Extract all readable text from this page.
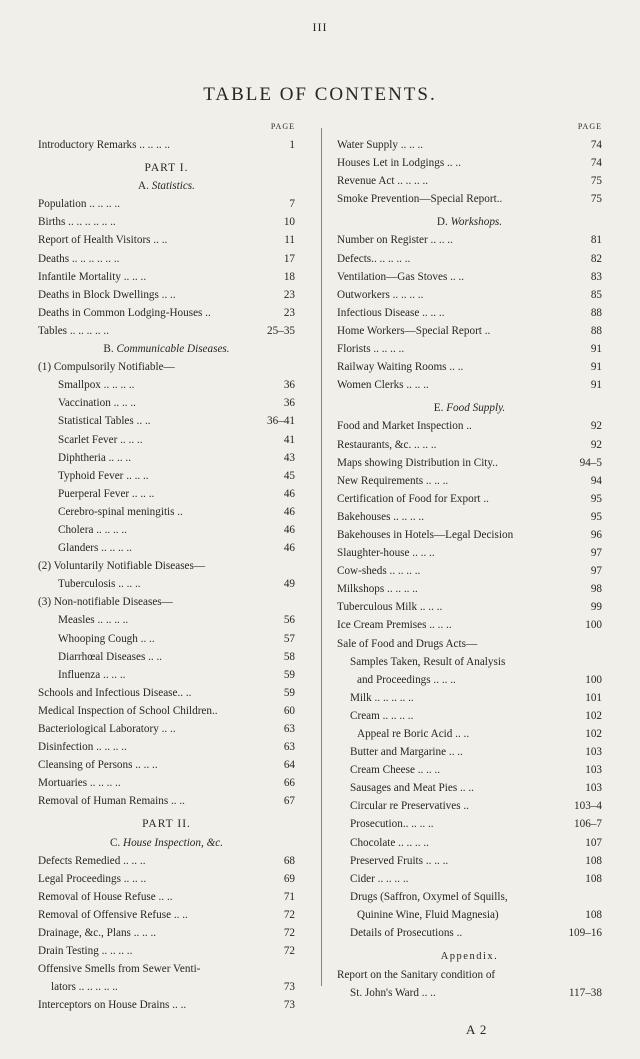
III
TABLE OF CONTENTS.
PAGE
Introductory Remarks .. .. .. ..	1
PART I.
A. Statistics.
Population .. .. .. ..	7
Births .. .. .. .. .. ..	10
Report of Health Visitors .. ..	11
Deaths .. .. .. .. .. ..	17
Infantile Mortality .. .. ..	18
Deaths in Block Dwellings .. ..	23
Deaths in Common Lodging-Houses ..	23
Tables .. .. .. .. ..	25–35
B. Communicable Diseases.
(1) Compulsorily Notifiable—
Smallpox .. .. .. ..	36
Vaccination .. .. ..	36
Statistical Tables .. ..	36–41
Scarlet Fever .. .. ..	41
Diphtheria .. .. ..	43
Typhoid Fever .. .. ..	45
Puerperal Fever .. .. ..	46
Cerebro-spinal meningitis ..	46
Cholera .. .. .. ..	46
Glanders .. .. .. ..	46
(2) Voluntarily Notifiable Diseases—
Tuberculosis .. .. ..	49
(3) Non-notifiable Diseases—
Measles .. .. .. ..	56
Whooping Cough .. ..	57
Diarrhœal Diseases .. ..	58
Influenza .. .. ..	59
Schools and Infectious Disease.. ..	59
Medical Inspection of School Children..	60
Bacteriological Laboratory .. ..	63
Disinfection .. .. .. ..	63
Cleansing of Persons .. .. ..	64
Mortuaries .. .. .. ..	66
Removal of Human Remains .. ..	67
PART II.
C. House Inspection, &c.
Defects Remedied .. .. ..	68
Legal Proceedings .. .. ..	69
Removal of House Refuse .. ..	71
Removal of Offensive Refuse .. ..	72
Drainage, &c., Plans .. .. ..	72
Drain Testing .. .. .. ..	72
Offensive Smells from Sewer Venti-
lators .. .. .. .. ..	73
Interceptors on House Drains .. ..	73
PAGE
Water Supply .. .. ..	74
Houses Let in Lodgings .. ..	74
Revenue Act .. .. .. ..	75
Smoke Prevention—Special Report..	75
D. Workshops.
Number on Register .. .. ..	81
Defects.. .. .. .. ..	82
Ventilation—Gas Stoves .. ..	83
Outworkers .. .. .. ..	85
Infectious Disease .. .. ..	88
Home Workers—Special Report ..	88
Florists .. .. .. ..	91
Railway Waiting Rooms .. ..	91
Women Clerks .. .. ..	91
E. Food Supply.
Food and Market Inspection ..	92
Restaurants, &c. .. .. ..	92
Maps showing Distribution in City..	94–5
New Requirements .. .. ..	94
Certification of Food for Export ..	95
Bakehouses .. .. .. ..	95
Bakehouses in Hotels—Legal Decision	96
Slaughter-house .. .. ..	97
Cow-sheds .. .. .. ..	97
Milkshops .. .. .. ..	98
Tuberculous Milk .. .. ..	99
Ice Cream Premises .. .. ..	100
Sale of Food and Drugs Acts—
Samples Taken, Result of Analysis
and Proceedings .. .. ..	100
Milk .. .. .. .. ..	101
Cream .. .. .. ..	102
Appeal re Boric Acid .. ..	102
Butter and Margarine .. ..	103
Cream Cheese .. .. ..	103
Sausages and Meat Pies .. ..	103
Circular re Preservatives ..	103–4
Prosecution.. .. .. ..	106–7
Chocolate .. .. .. ..	107
Preserved Fruits .. .. ..	108
Cider .. .. .. ..	108
Drugs (Saffron, Oxymel of Squills,
Quinine Wine, Fluid Magnesia)	108
Details of Prosecutions ..	109–16
Appendix.
Report on the Sanitary condition of
St. John's Ward .. ..	117–38
A 2
